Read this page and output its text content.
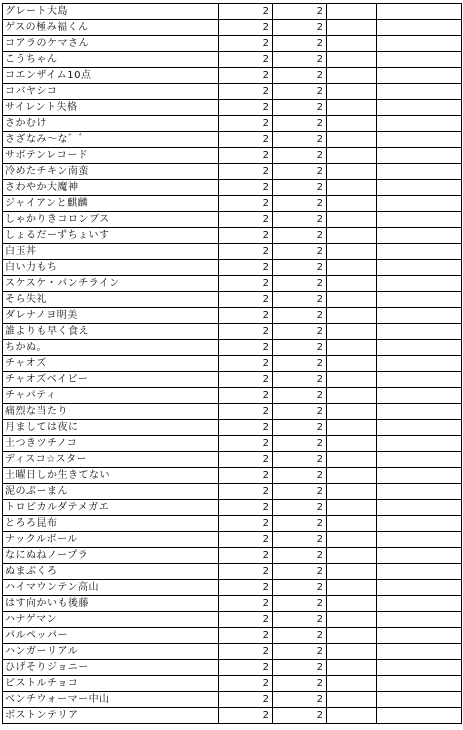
グレート大島	2	2		
ゲスの極み福くん	2	2		
コアラのケマさん	2	2		
こうちゃん	2	2		
コエンザイム10点	2	2		
コバヤシコ	2	2		
サイレント失格	2	2		
さかむけ	2	2		
さざなみ〜な゛゛	2	2		
サボテンレコード	2	2		
冷めたチキン南蛮	2	2		
さわやか大魔神	2	2		
ジャイアンと麒麟	2	2		
しゃかりきコロンブス	2	2		
しょるだーずちょいす	2	2		
白玉丼	2	2		
白い力もち	2	2		
スケスケ・パンチライン	2	2		
そら失礼	2	2		
ダレナノヨ明美	2	2		
誰よりも早く食え	2	2		
ちかぬ。	2	2		
チャオズ	2	2		
チャオズベイビー	2	2		
チャパティ	2	2		
痛烈な当たり	2	2		
月ましては夜に	2	2		
土つきツチノコ	2	2		
ディスコ☆スター	2	2		
土曜日しか生きてない	2	2		
泥のぷーまん	2	2		
トロピカルダテメガエ	2	2		
とろろ昆布	2	2		
ナックルボール	2	2		
なにぬねノープラ	2	2		
ぬまぶくろ	2	2		
ハイマウンテン高山	2	2		
はす向かいも後藤	2	2		
ハナゲマン	2	2		
パルペッパー	2	2		
ハンガーリアル	2	2		
ひげそりジョニー	2	2		
ピストルチョコ	2	2		
ベンチウォーマー中山	2	2		
ボストンテリア	2	2		
